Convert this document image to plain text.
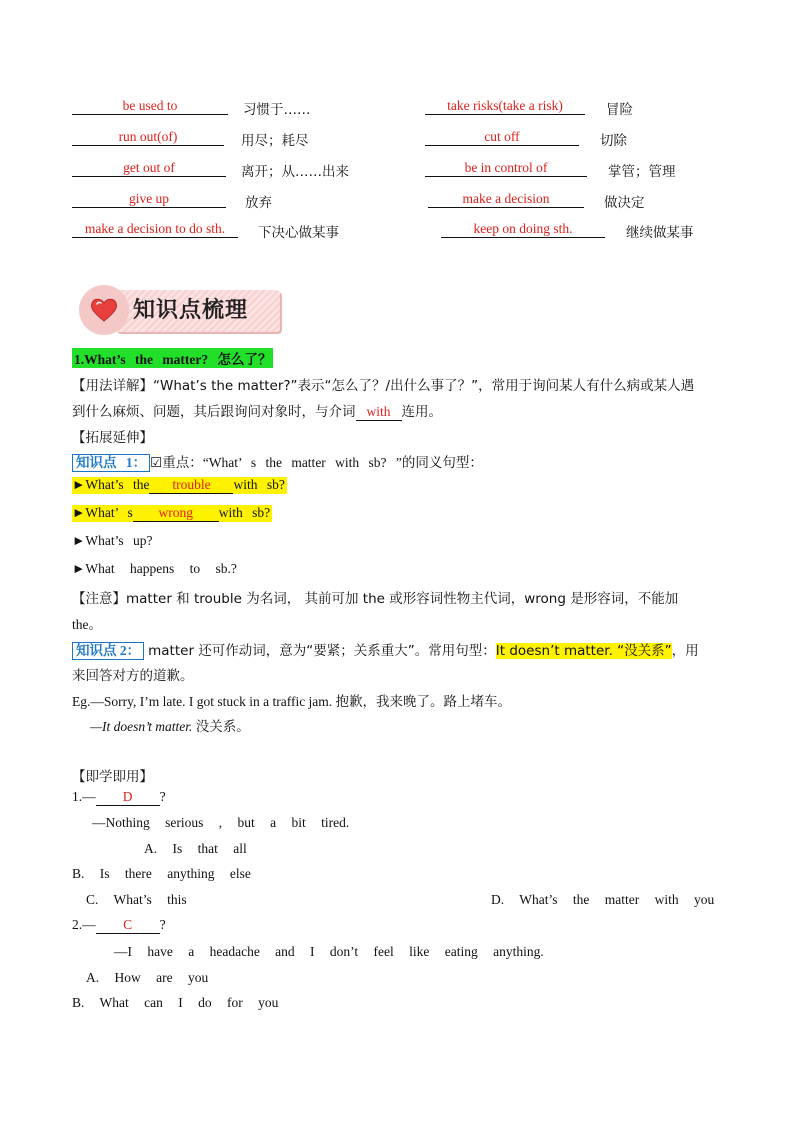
be used to	习惯于……	take risks(take a risk)	冒险
run out(of)	用尽；耗尽	cut off	切除
get out of	离开；从……出来	be in control of	掌管；管理
give up	放弃	make a decision	做决定
make a decision to do sth.	下决心做某事	keep on doing sth.	继续做某事
知识点梳理
1.What’s the matter? 怎么了？
【用法详解】“What’s the matter?”表示“怎么了？/出什么事了？”，常用于询问某人有什么病或某人遇
到什么麻烦、问题，其后跟询问对象时，与介词 with 连用。
【拓展延伸】
知识点 1： ☑重点：“What’ s the matter with sb? ”的同义句型：
►What’s the trouble with sb?
►What’ s wrong with sb?
►What’s up?
►What happens to sb.?
【注意】matter 和 trouble 为名词， 其前可加 the 或形容词性物主代词，wrong 是形容词，不能加
the。
知识点 2： matter 还可作动词，意为“要紧；关系重大”。常用句型：It doesn’t matter. “没关系”，用
来回答对方的道歉。
Eg.—Sorry, I’m late. I got stuck in a traffic jam. 抱歉，我来晚了。路上堵车。
—It doesn’t matter. 没关系。
【即学即用】
1.— D ?
—Nothing serious , but a bit tired.
A. Is that all
B. Is there anything else
C. What’s this	D. What’s the matter with you
2.— C ?
—I have a headache and I don’t feel like eating anything.
A. How are you
B. What can I do for you
